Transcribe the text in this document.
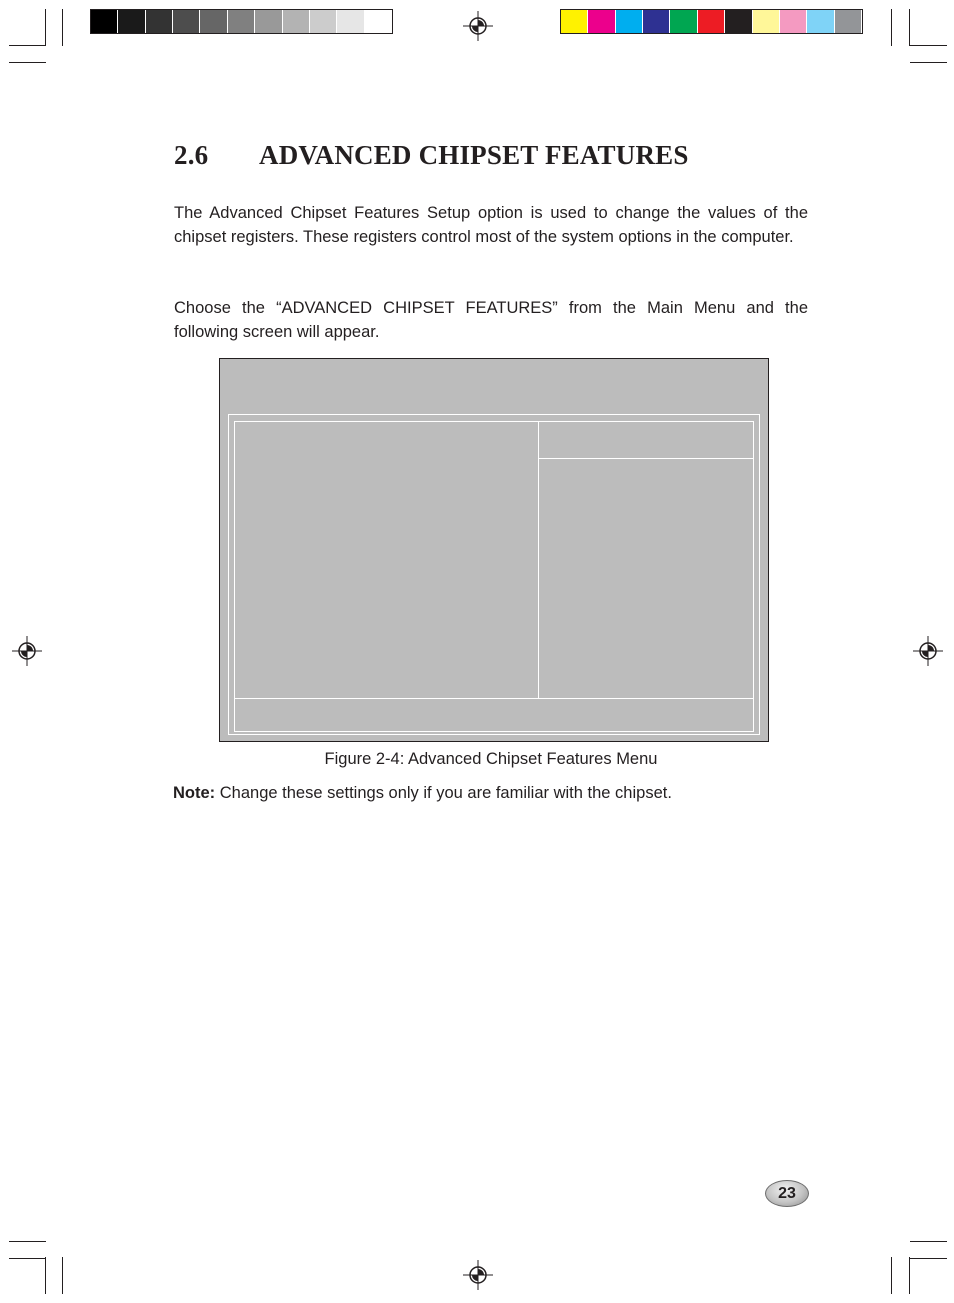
2.6 ADVANCED CHIPSET FEATURES

The Advanced Chipset Features Setup option is used to change the values of the chipset registers. These registers control most of the system options in the computer.

Choose the “ADVANCED CHIPSET FEATURES” from the Main Menu and the following screen will appear.

Figure 2-4: Advanced Chipset Features Menu
Note: Change these settings only if you are familiar with the chipset.
23
